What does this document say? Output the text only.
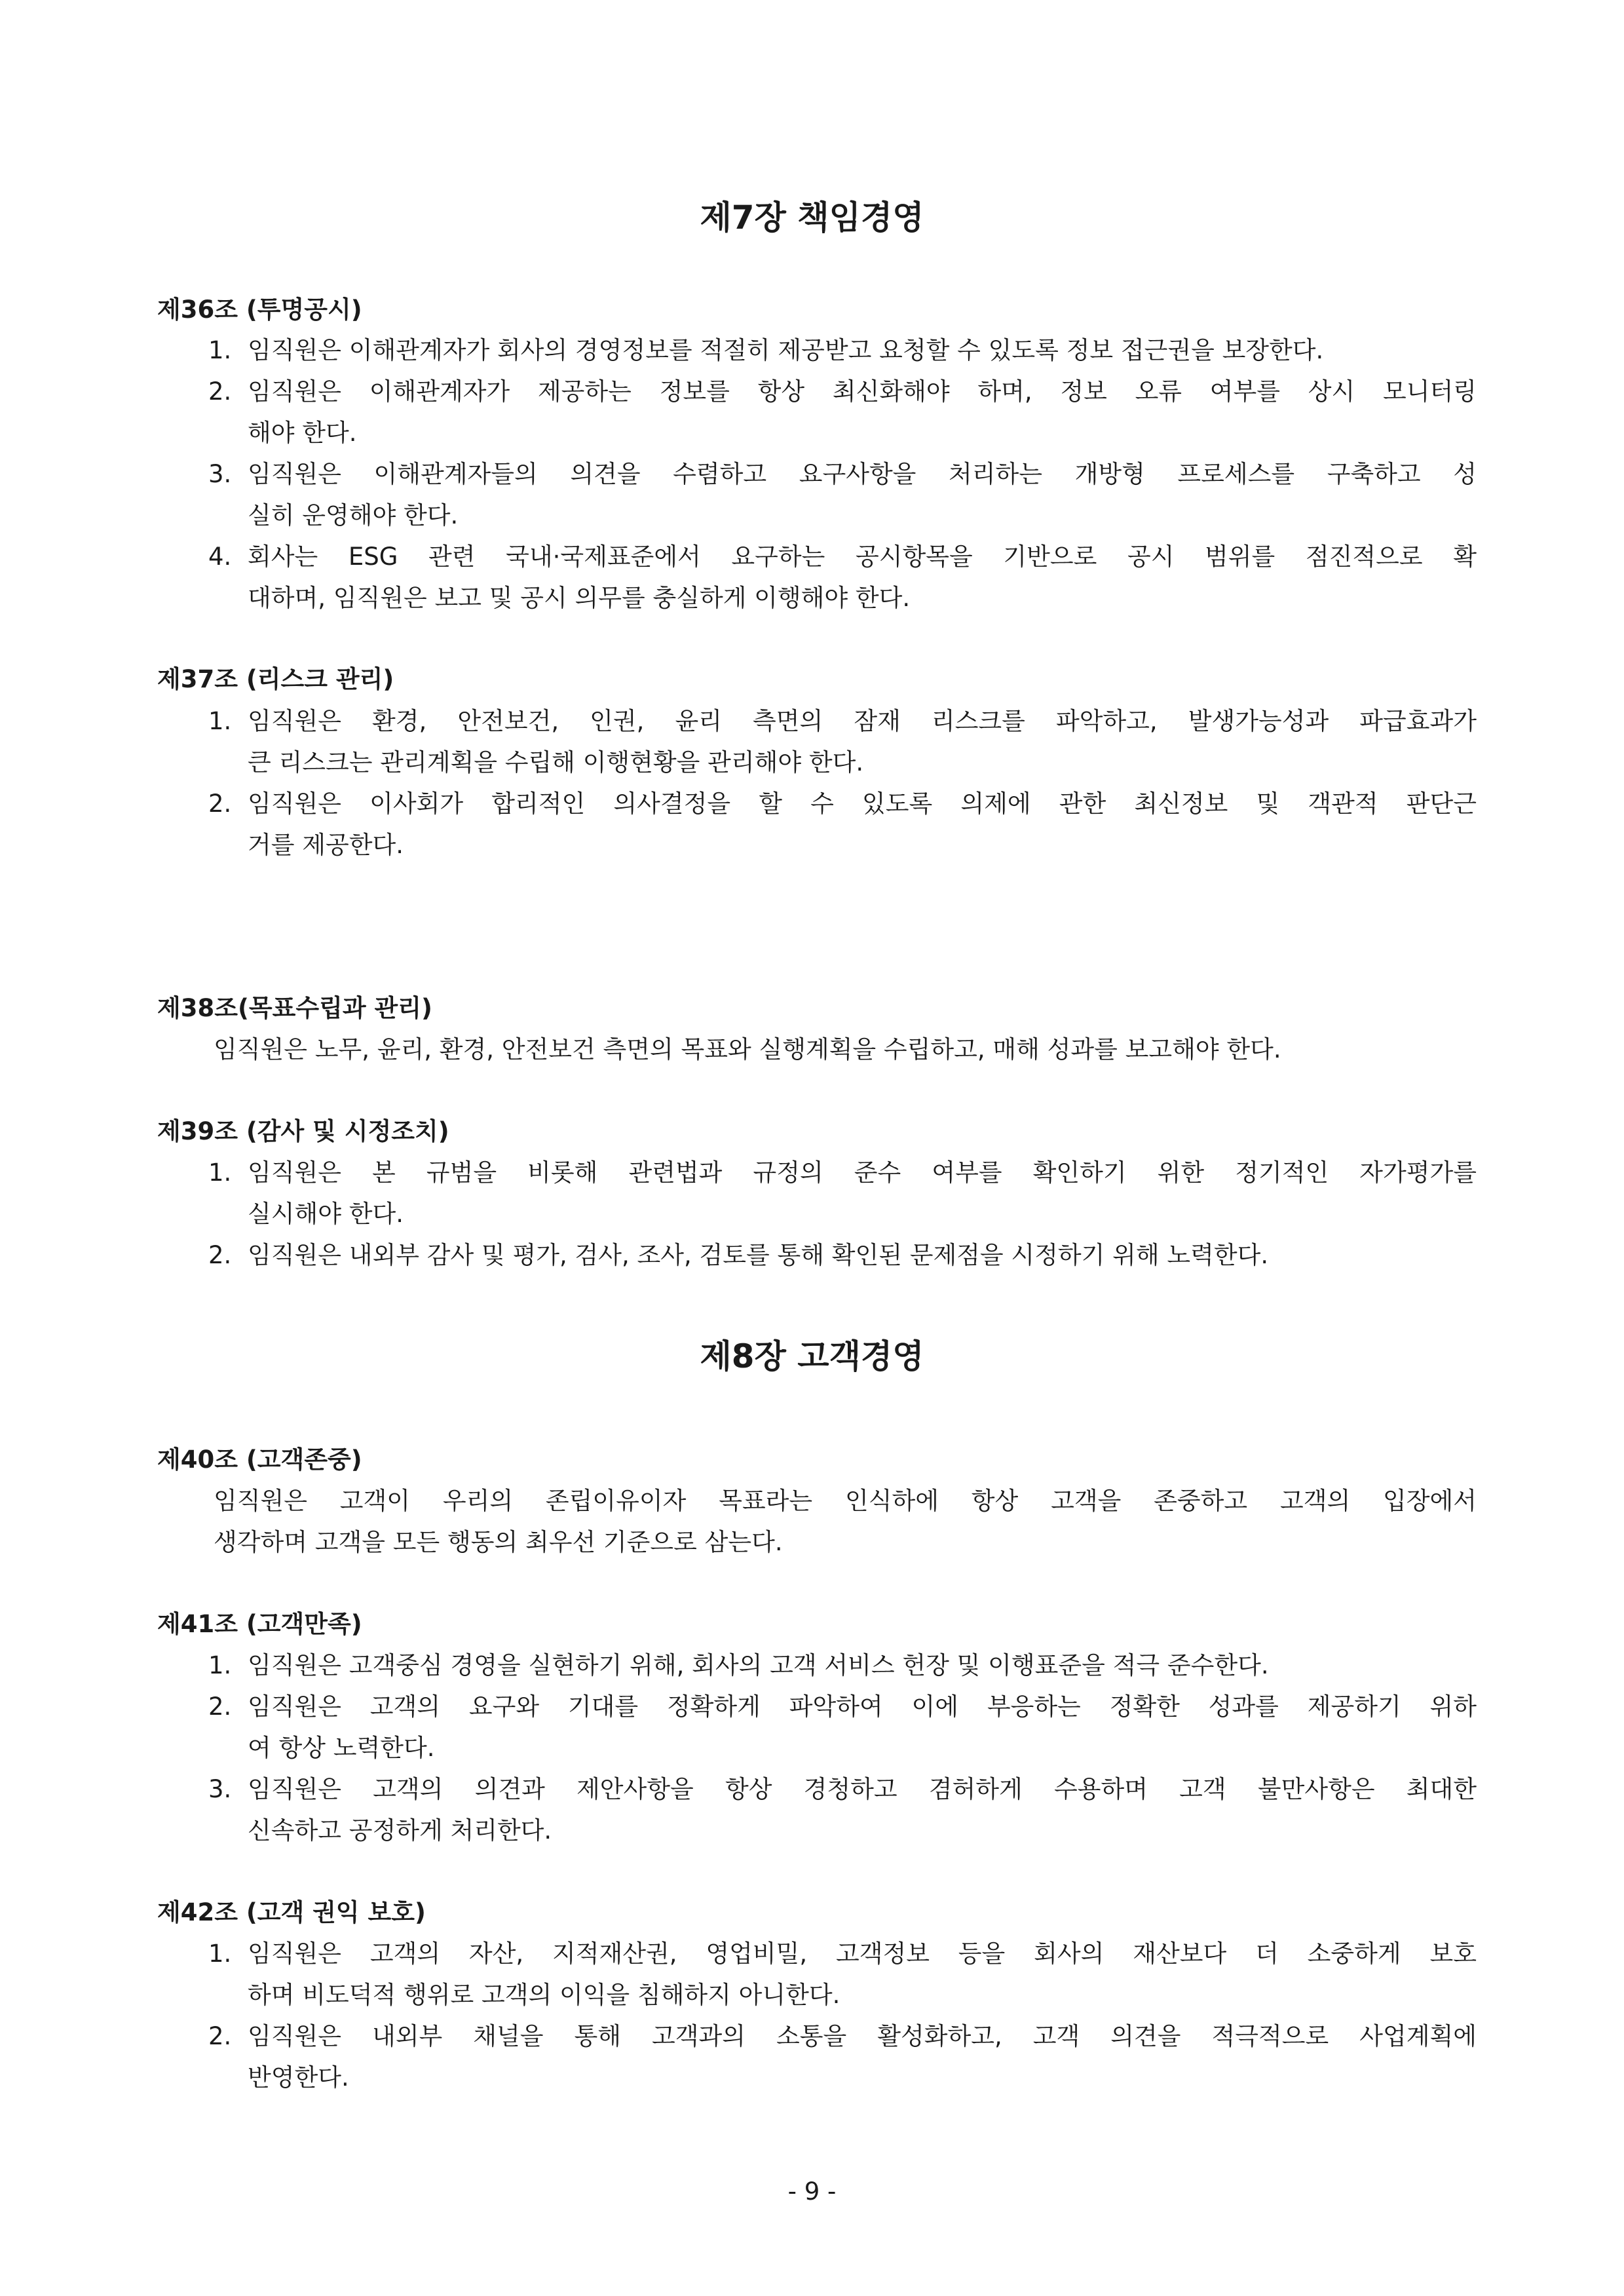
제7장 책임경영
제36조 (투명공시)
1. 임직원은 이해관계자가 회사의 경영정보를 적절히 제공받고 요청할 수 있도록 정보 접근권을 보장한다.
2. 임직원은 이해관계자가 제공하는 정보를 항상 최신화해야 하며, 정보 오류 여부를 상시 모니터링
해야 한다.
3. 임직원은 이해관계자들의 의견을 수렴하고 요구사항을 처리하는 개방형 프로세스를 구축하고 성
실히 운영해야 한다.
4. 회사는 ESG 관련 국내·국제표준에서 요구하는 공시항목을 기반으로 공시 범위를 점진적으로 확
대하며, 임직원은 보고 및 공시 의무를 충실하게 이행해야 한다.
제37조 (리스크 관리)
1. 임직원은 환경, 안전보건, 인권, 윤리 측면의 잠재 리스크를 파악하고, 발생가능성과 파급효과가
큰 리스크는 관리계획을 수립해 이행현황을 관리해야 한다.
2. 임직원은 이사회가 합리적인 의사결정을 할 수 있도록 의제에 관한 최신정보 및 객관적 판단근
거를 제공한다.
제38조(목표수립과 관리)
임직원은 노무, 윤리, 환경, 안전보건 측면의 목표와 실행계획을 수립하고, 매해 성과를 보고해야 한다.
제39조 (감사 및 시정조치)
1. 임직원은 본 규범을 비롯해 관련법과 규정의 준수 여부를 확인하기 위한 정기적인 자가평가를
실시해야 한다.
2. 임직원은 내외부 감사 및 평가, 검사, 조사, 검토를 통해 확인된 문제점을 시정하기 위해 노력한다.
제8장 고객경영
제40조 (고객존중)
임직원은 고객이 우리의 존립이유이자 목표라는 인식하에 항상 고객을 존중하고 고객의 입장에서
생각하며 고객을 모든 행동의 최우선 기준으로 삼는다.
제41조 (고객만족)
1. 임직원은 고객중심 경영을 실현하기 위해, 회사의 고객 서비스 헌장 및 이행표준을 적극 준수한다.
2. 임직원은 고객의 요구와 기대를 정확하게 파악하여 이에 부응하는 정확한 성과를 제공하기 위하
여 항상 노력한다.
3. 임직원은 고객의 의견과 제안사항을 항상 경청하고 겸허하게 수용하며 고객 불만사항은 최대한
신속하고 공정하게 처리한다.
제42조 (고객 권익 보호)
1. 임직원은 고객의 자산, 지적재산권, 영업비밀, 고객정보 등을 회사의 재산보다 더 소중하게 보호
하며 비도덕적 행위로 고객의 이익을 침해하지 아니한다.
2. 임직원은 내외부 채널을 통해 고객과의 소통을 활성화하고, 고객 의견을 적극적으로 사업계획에
반영한다.
- 9 -
